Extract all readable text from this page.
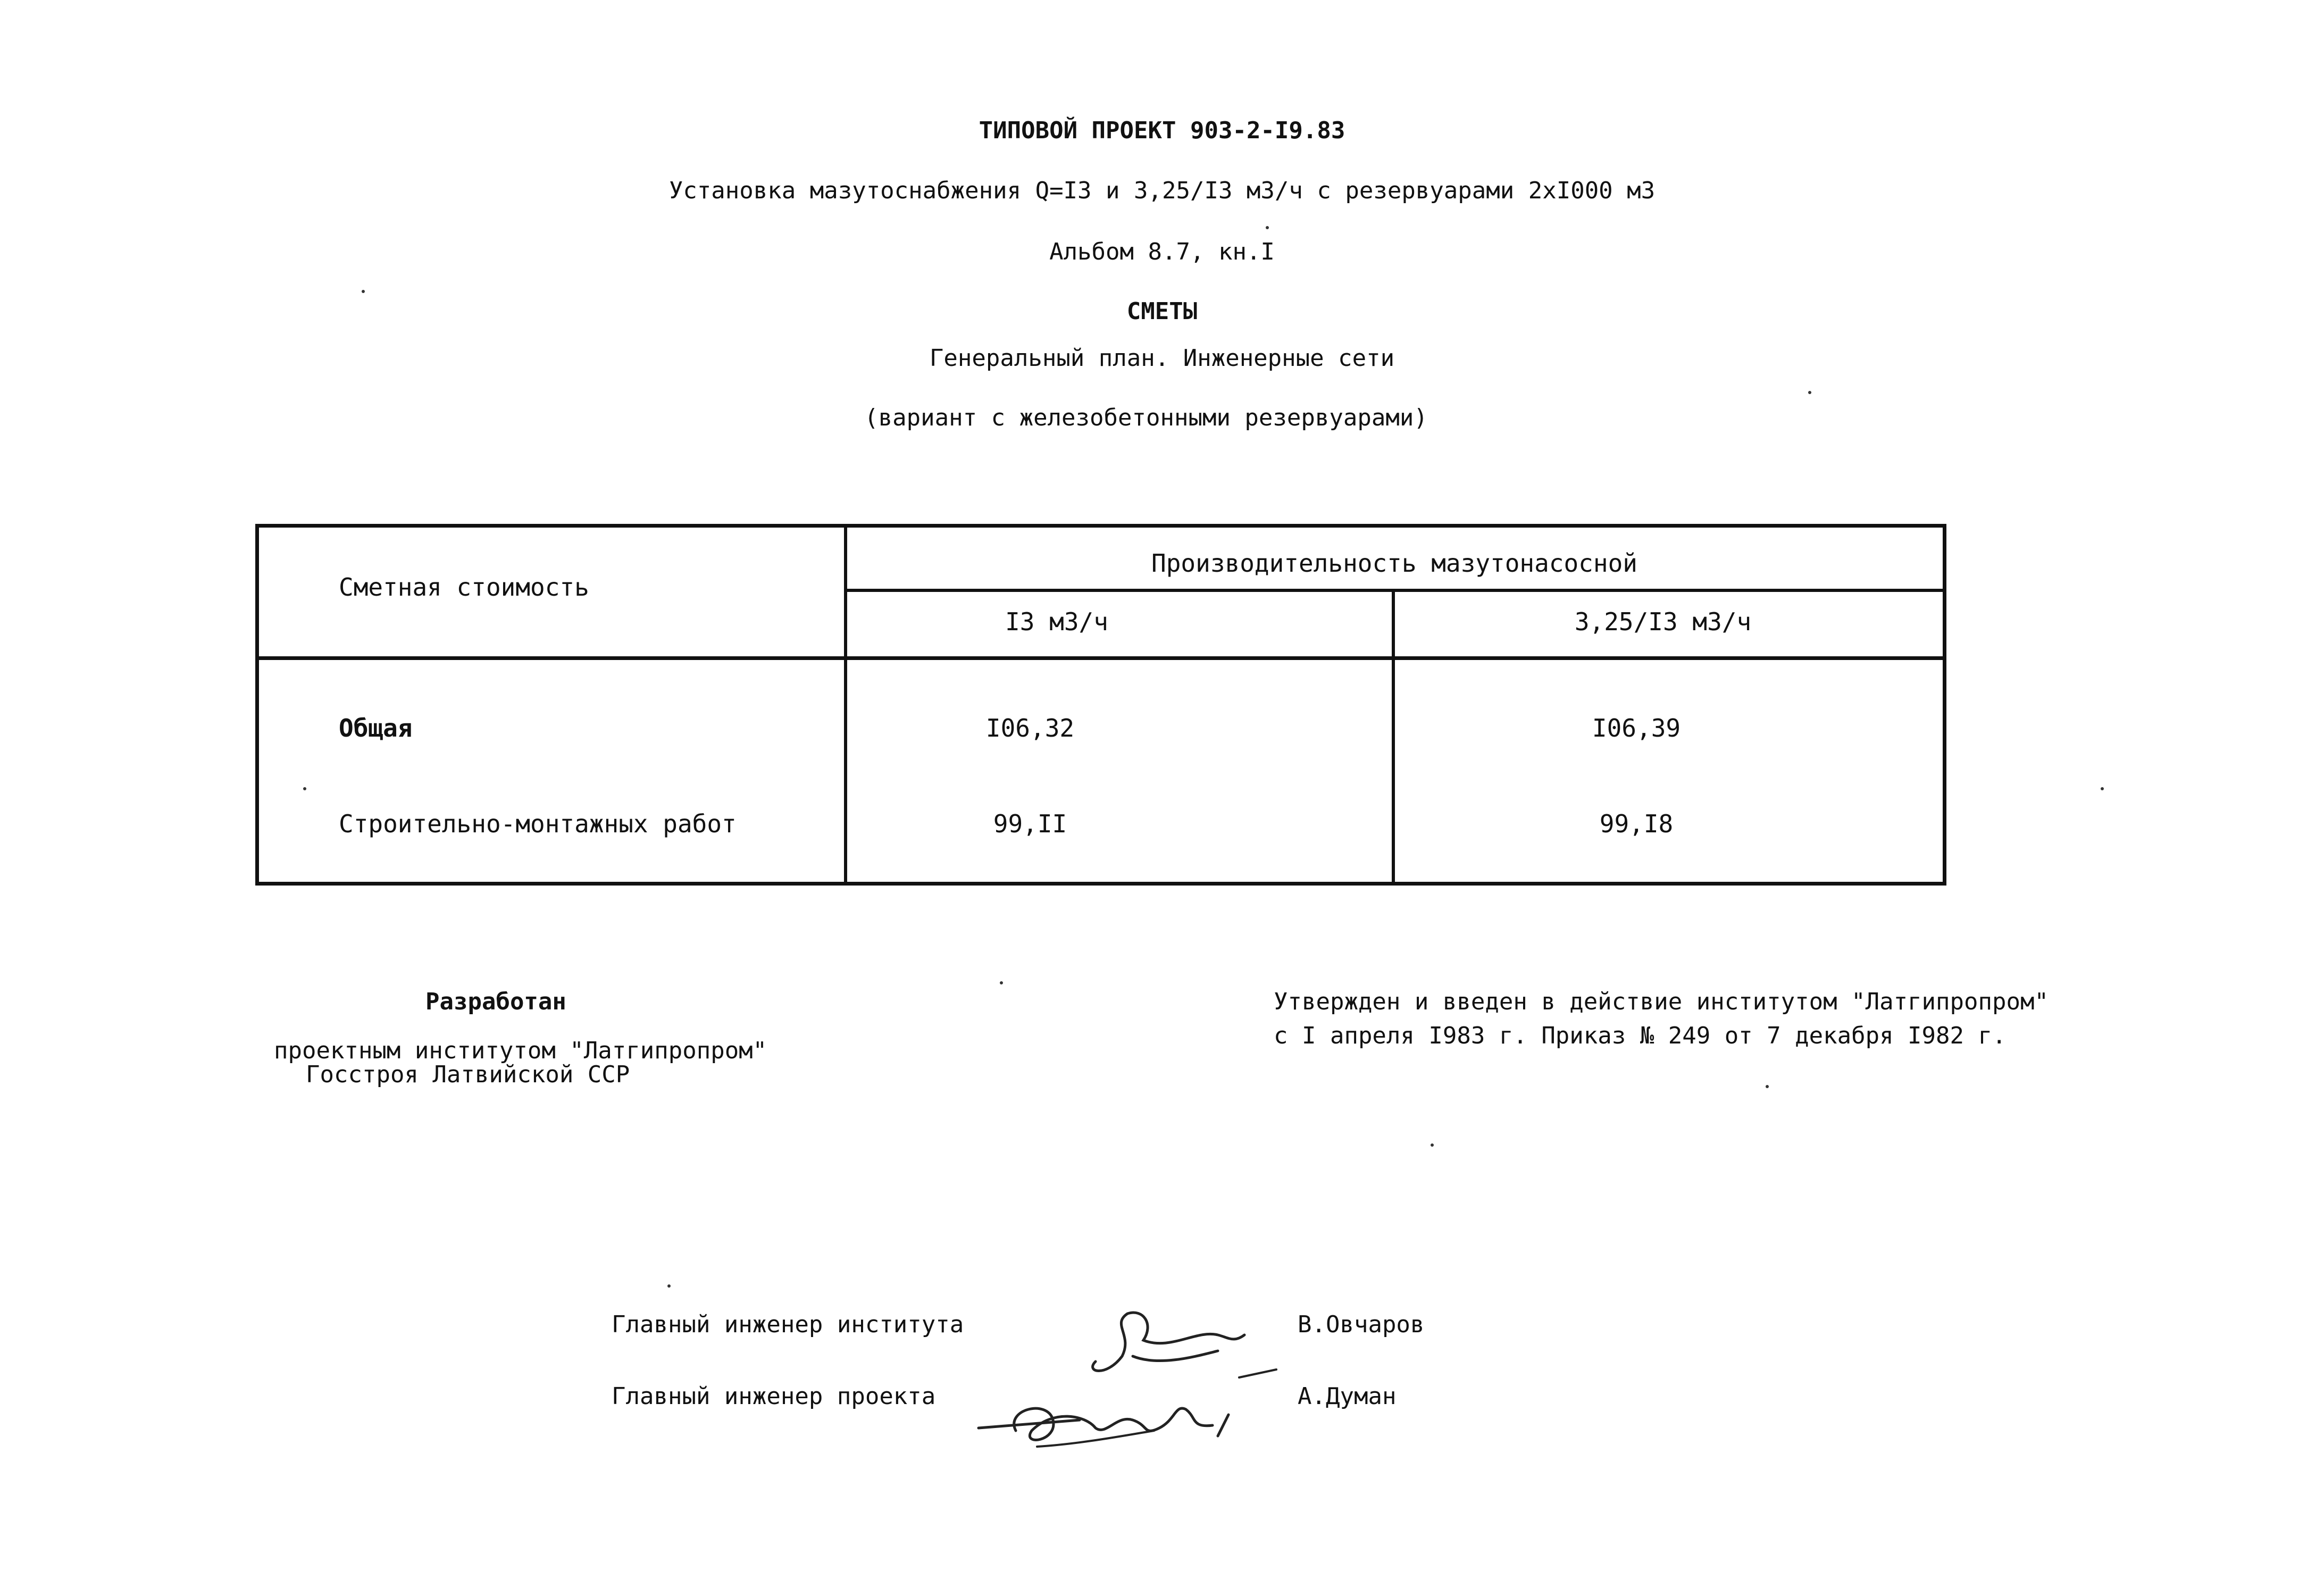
ТИПОВОЙ ПРОЕКТ 903-2-I9.83
Установка мазутоснабжения Q=I3 и 3,25/I3 м3/ч с резервуарами 2xI000 м3
Альбом 8.7, кн.I
СМЕТЫ
Генеральный план. Инженерные сети
(вариант с железобетонными резервуарами)
Сметная стоимость
Производительность мазутонасосной
I3 м3/ч	3,25/I3 м3/ч
Общая	I06,32	I06,39
Строительно-монтажных работ	99,II	99,I8
Разработан
проектным институтом "Латгипропром"
Госстроя Латвийской ССР
Утвержден и введен в действие институтом "Латгипропром"
с I апреля I983 г. Приказ № 249 от 7 декабря I982 г.
Главный инженер института	В.Овчаров
Главный инженер проекта	А.Думан
